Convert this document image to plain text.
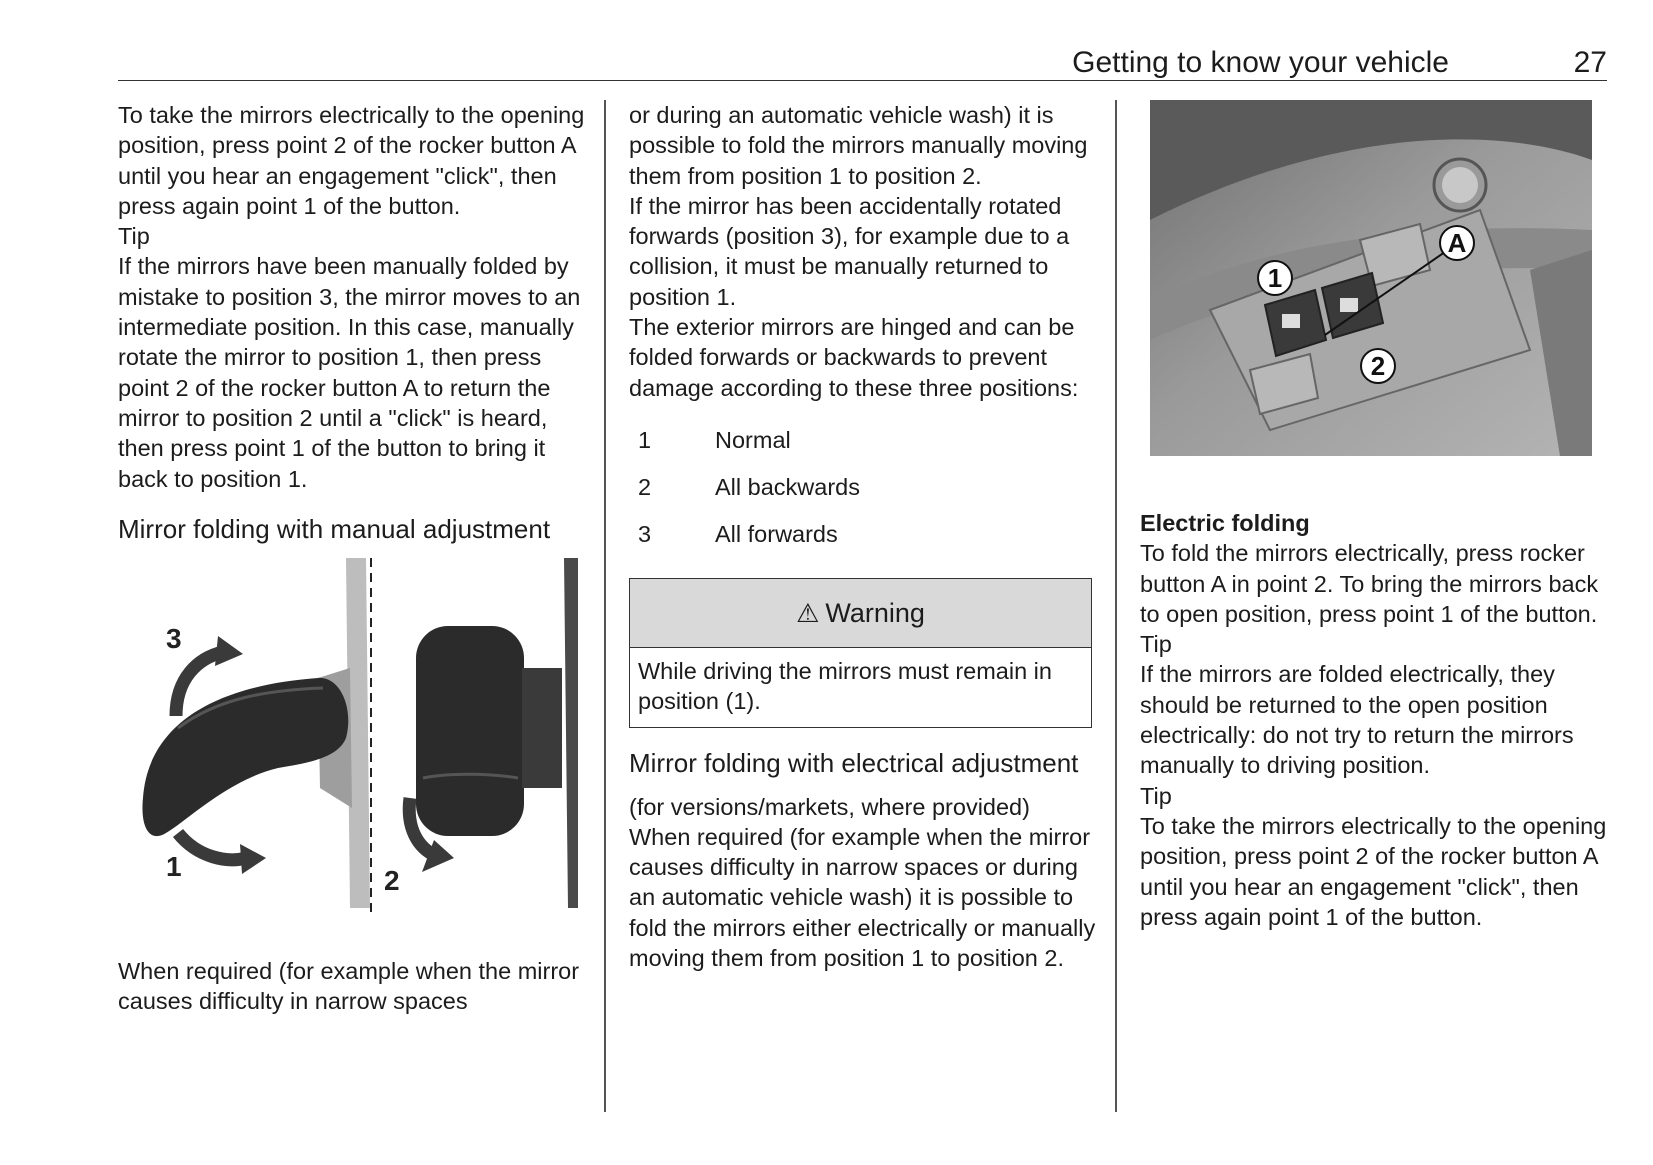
Getting to know your vehicle	27

To take the mirrors electrically to the opening position, press point 2 of the rocker button A until you hear an engagement "click", then press again point 1 of the button.

Tip

If the mirrors have been manually folded by mistake to position 3, the mirror moves to an intermediate position. In this case, manually rotate the mirror to position 1, then press point 2 of the rocker button A to return the mirror to position 2 until a "click" is heard, then press point 1 of the button to bring it back to position 1.

Mirror folding with manual adjustment

3
1	2

When required (for example when the mirror causes difficulty in narrow spaces

or during an automatic vehicle wash) it is possible to fold the mirrors manually moving them from position 1 to position 2.

If the mirror has been accidentally rotated forwards (position 3), for example due to a collision, it must be manually returned to position 1.

The exterior mirrors are hinged and can be folded forwards or backwards to prevent damage according to these three positions:

1	Normal
2	All backwards
3	All forwards
⚠ Warning
While driving the mirrors must remain in position (1).

Mirror folding with electrical adjustment

(for versions/markets, where provided)

When required (for example when the mirror causes difficulty in narrow spaces or during an automatic vehicle wash) it is possible to fold the mirrors either electrically or manually moving them from position 1 to position 2.

1
A
2

Electric folding

To fold the mirrors electrically, press rocker button A in point 2. To bring the mirrors back to open position, press point 1 of the button.

Tip

If the mirrors are folded electrically, they should be returned to the open position electrically: do not try to return the mirrors manually to driving position.

Tip

To take the mirrors electrically to the opening position, press point 2 of the rocker button A until you hear an engagement "click", then press again point 1 of the button.
